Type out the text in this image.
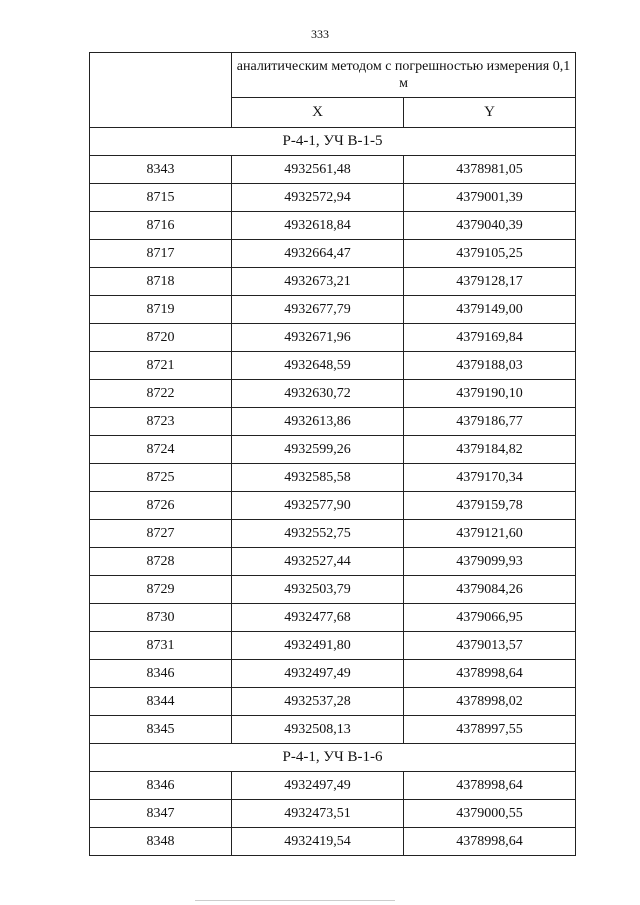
333
	аналитическим методом с погрешностью измерения 0,1 м	
	X	Y
Р-4-1, УЧ В-1-5		
8343	4932561,48	4378981,05
8715	4932572,94	4379001,39
8716	4932618,84	4379040,39
8717	4932664,47	4379105,25
8718	4932673,21	4379128,17
8719	4932677,79	4379149,00
8720	4932671,96	4379169,84
8721	4932648,59	4379188,03
8722	4932630,72	4379190,10
8723	4932613,86	4379186,77
8724	4932599,26	4379184,82
8725	4932585,58	4379170,34
8726	4932577,90	4379159,78
8727	4932552,75	4379121,60
8728	4932527,44	4379099,93
8729	4932503,79	4379084,26
8730	4932477,68	4379066,95
8731	4932491,80	4379013,57
8346	4932497,49	4378998,64
8344	4932537,28	4378998,02
8345	4932508,13	4378997,55
Р-4-1, УЧ В-1-6		
8346	4932497,49	4378998,64
8347	4932473,51	4379000,55
8348	4932419,54	4378998,64
